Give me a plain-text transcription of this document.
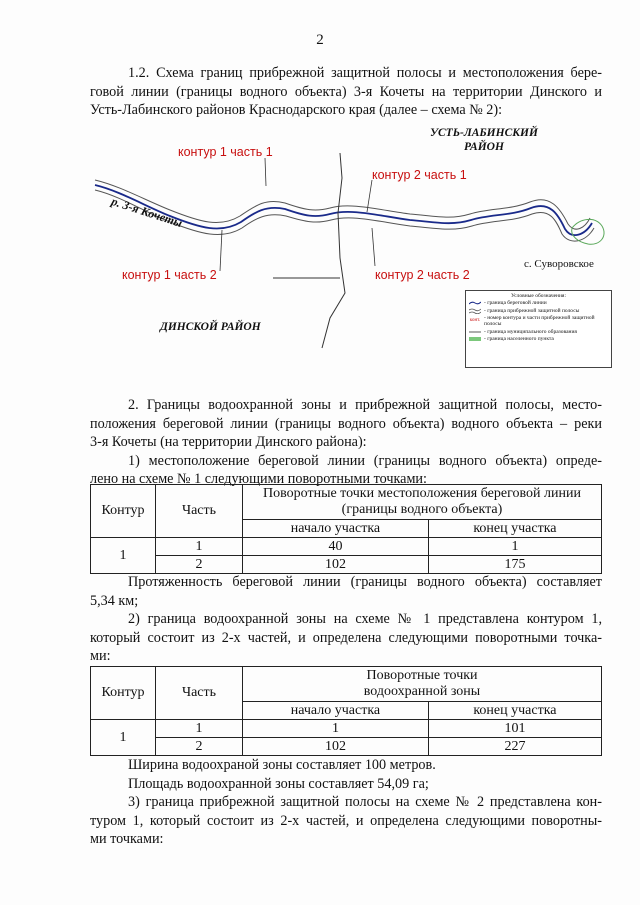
2
1.2. Схема границ прибрежной защитной полосы и местоположения бере-
говой линии (границы водного объекта) 3-я Кочеты на территории Динского и
Усть-Лабинского районов Краснодарского края (далее – схема № 2):
УСТЬ-ЛАБИНСКИЙ
РАЙОН
контур 1 часть 1
контур 2 часть 1
контур 1 часть 2	контур 2 часть 2
р. 3-я Кочеты
с. Суворовское
ДИНСКОЙ РАЙОН
Условные обозначения:
- граница береговой линии
- граница прибрежной защитной полосы
конт. - номер контура и части прибрежной защитной полосы
- граница муниципального образования
- граница населенного пункта
2. Границы водоохранной зоны и прибрежной защитной полосы, место-
положения береговой линии (границы водного объекта) водного объекта – реки
3-я Кочеты (на территории Динского района):
1) местоположение береговой линии (границы водного объекта) опреде-
лено на схеме № 1 следующими поворотными точками:
Контур	Часть	Поворотные точки местоположения береговой линии
(границы водного объекта)	

		начало участка	конец участка
1	1	40	1
	2	102	175
Протяженность береговой линии (границы водного объекта) составляет
5,34 км;
2) граница водоохранной зоны на схеме № 1 представлена контуром 1,
который состоит из 2-х частей, и определена следующими поворотными точка-
ми:
Контур	Часть	Поворотные точки
водоохранной зоны	

		начало участка	конец участка
1	1	1	101
	2	102	227
Ширина водоохраной зоны составляет 100 метров.
Площадь водоохранной зоны составляет 54,09 га;
3) граница прибрежной защитной полосы на схеме № 2 представлена кон-
туром 1, который состоит из 2-х частей, и определена следующими поворотны-
ми точками:
